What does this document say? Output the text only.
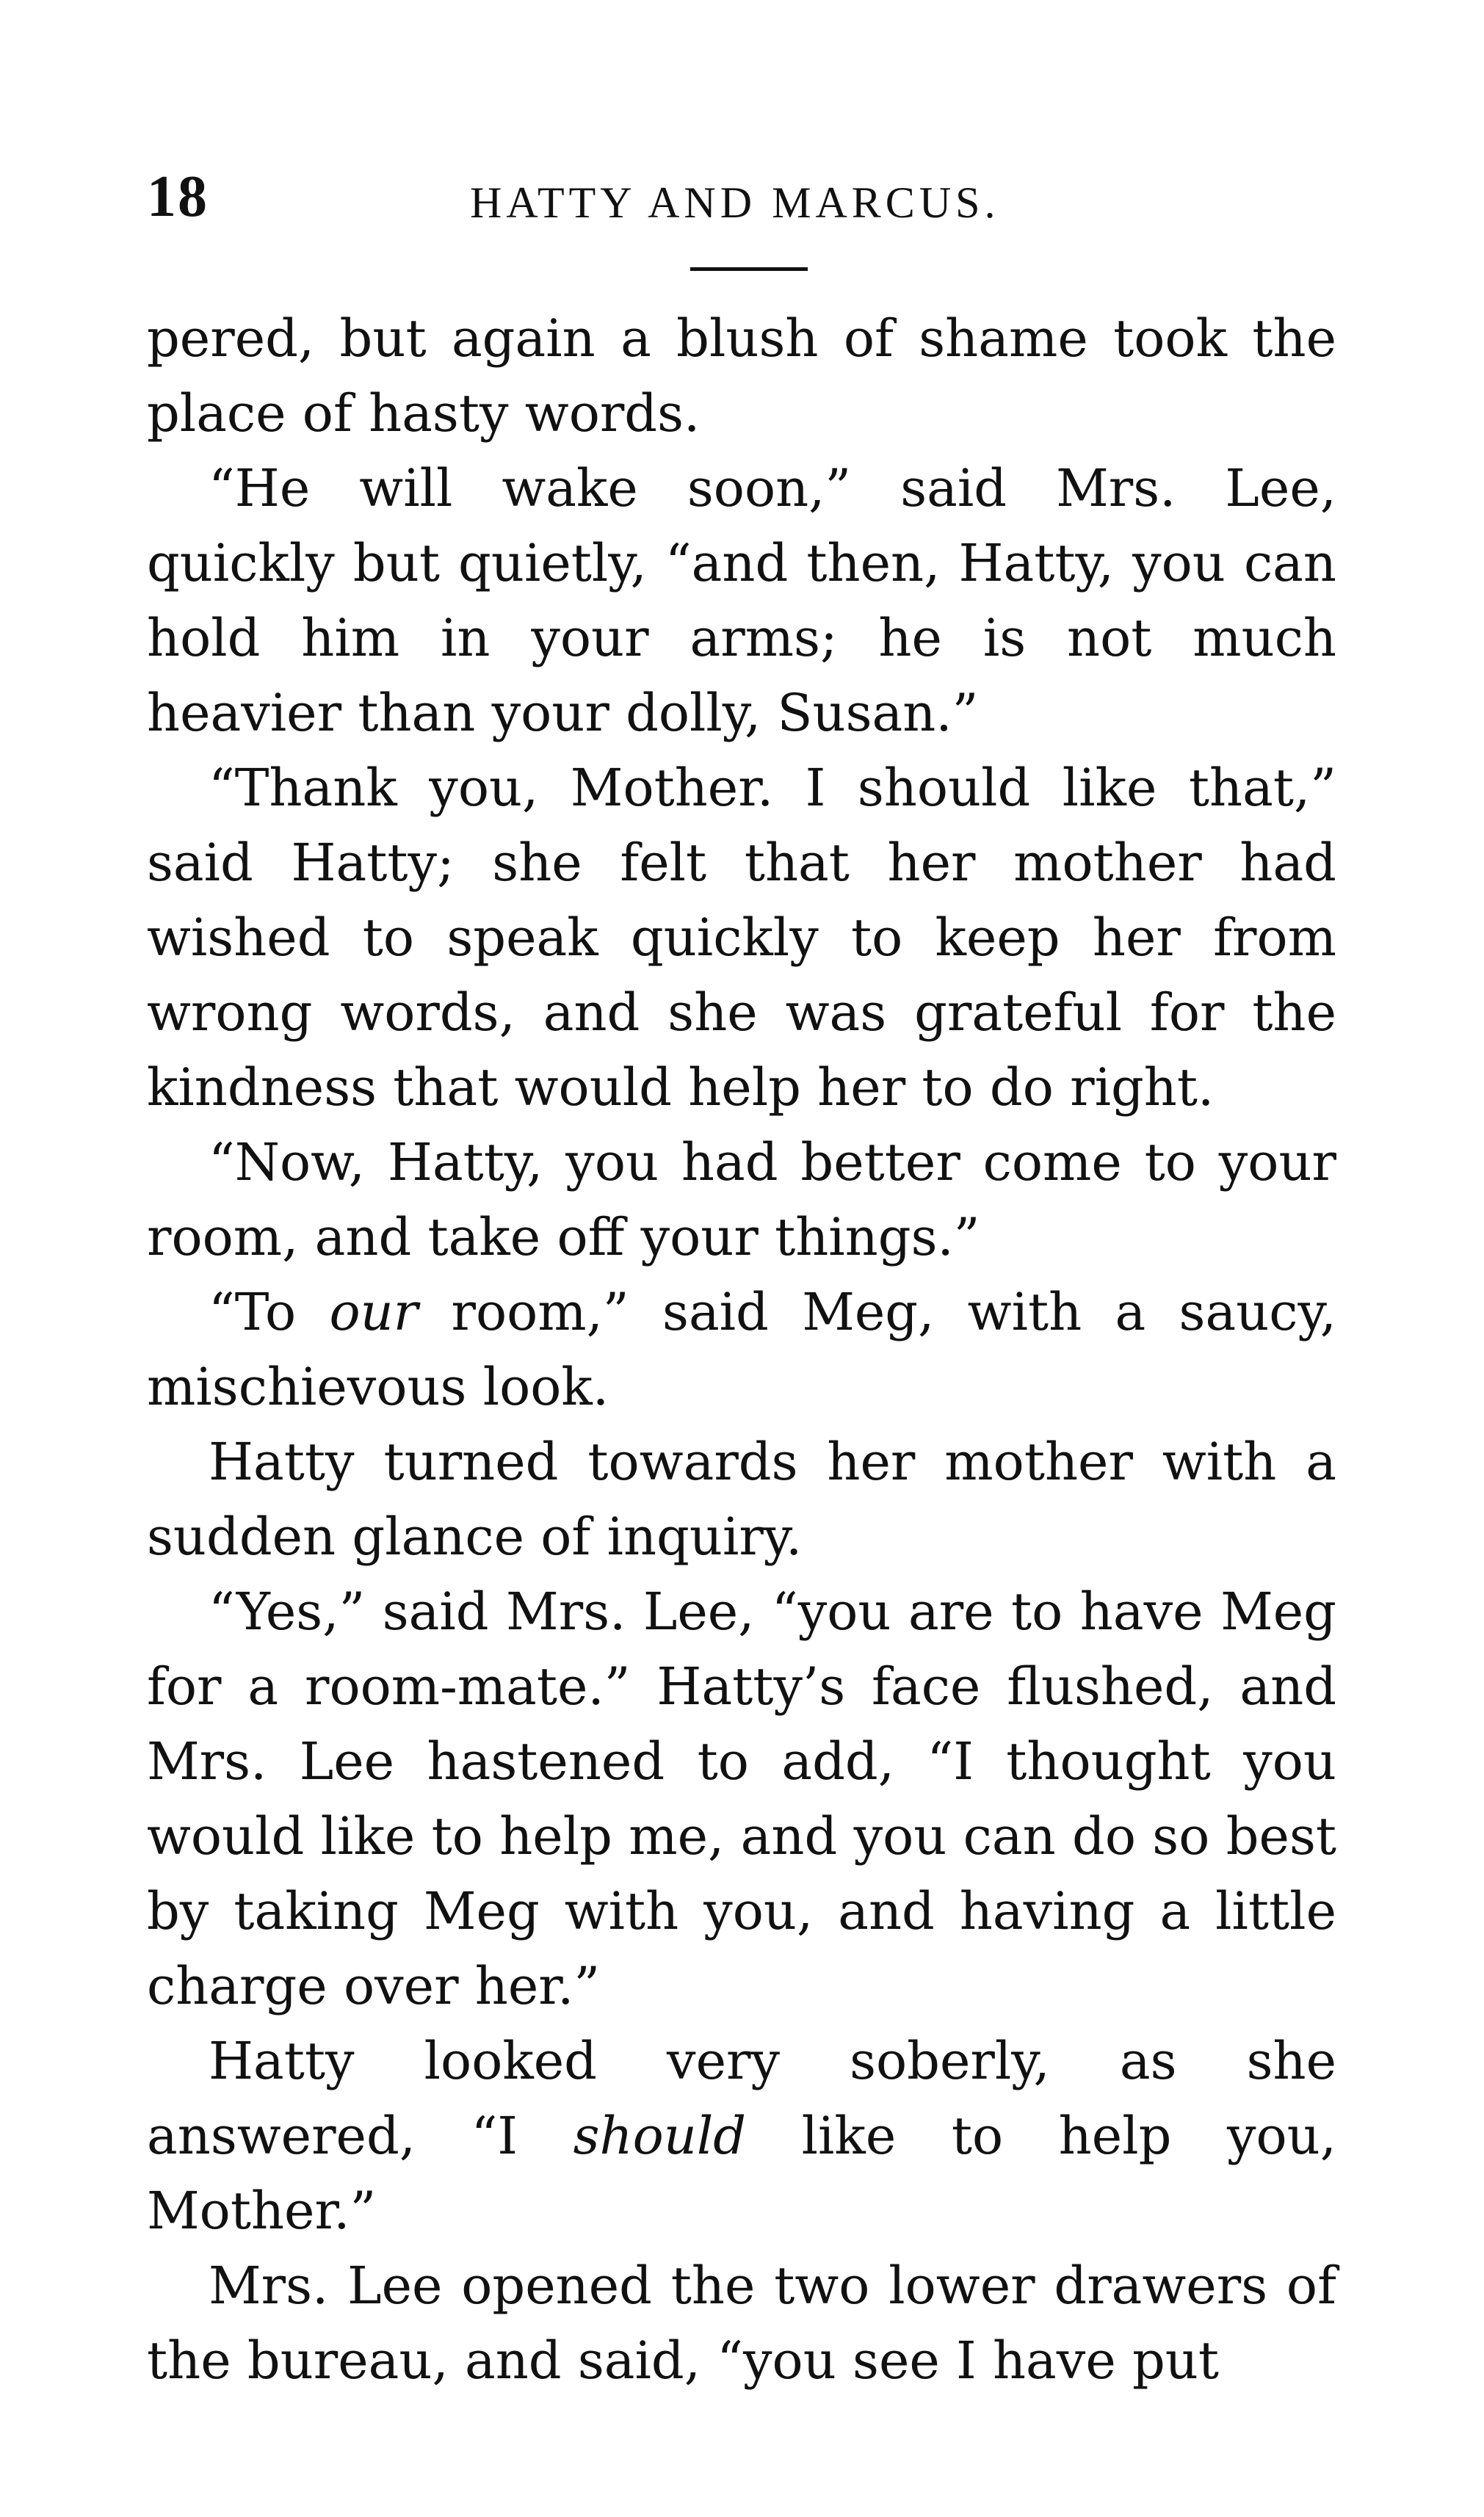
18	HATTY AND MARCUS.

pered, but again a blush of shame took the place of hasty words.

“He will wake soon,” said Mrs. Lee, quickly but quietly, “and then, Hatty, you can hold him in your arms; he is not much heavier than your dolly, Susan.”

“Thank you, Mother. I should like that,” said Hatty; she felt that her mother had wished to speak quickly to keep her from wrong words, and she was grateful for the kindness that would help her to do right.

“Now, Hatty, you had better come to your room, and take off your things.”

“To our room,” said Meg, with a saucy, mischievous look.

Hatty turned towards her mother with a sudden glance of inquiry.

“Yes,” said Mrs. Lee, “you are to have Meg for a room-mate.” Hatty’s face flushed, and Mrs. Lee hastened to add, “I thought you would like to help me, and you can do so best by taking Meg with you, and having a little charge over her.”

Hatty looked very soberly, as she answered, “I should like to help you, Mother.”

Mrs. Lee opened the two lower drawers of the bureau, and said, “you see I have put
